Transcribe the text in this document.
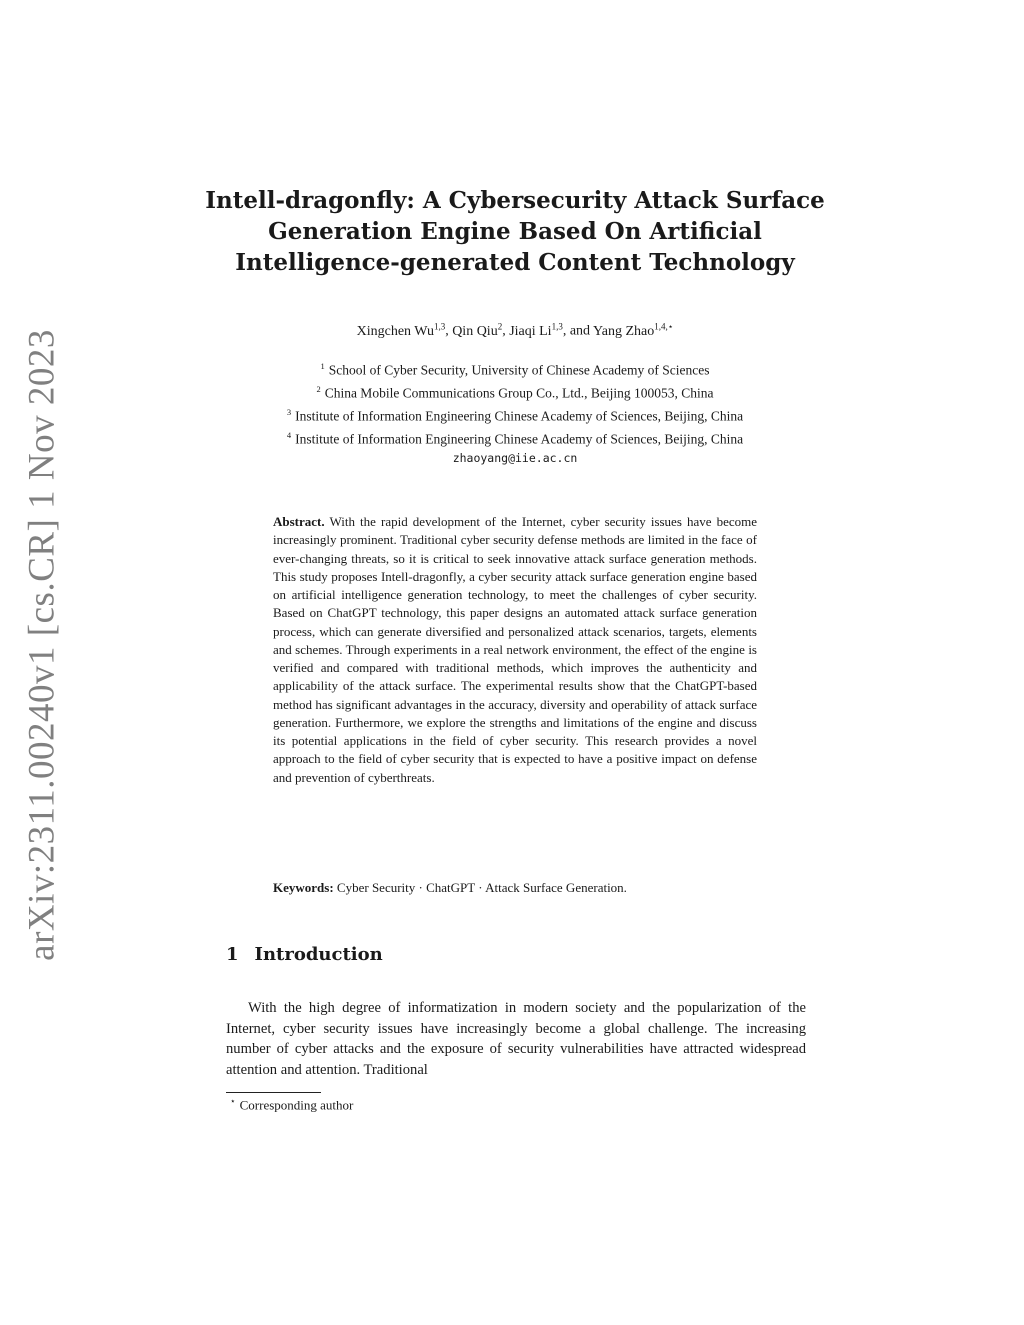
arXiv:2311.00240v1 [cs.CR] 1 Nov 2023
Intell-dragonfly: A Cybersecurity Attack Surface
Generation Engine Based On Artificial
Intelligence-generated Content Technology
Xingchen Wu$^{1,3}$, Qin Qiu$^2$, Jiaqi Li$^{1,3}$, and Yang Zhao$^{1,4,⋆}$
$^1$ School of Cyber Security, University of Chinese Academy of Sciences
$^2$ China Mobile Communications Group Co., Ltd., Beijing 100053, China
$^3$ Institute of Information Engineering Chinese Academy of Sciences, Beijing, China
$^4$ Institute of Information Engineering Chinese Academy of Sciences, Beijing, China
zhaoyang@iie.ac.cn
Abstract. With the rapid development of the Internet, cyber security issues have become increasingly prominent. Traditional cyber security defense methods are limited in the face of ever-changing threats, so it is critical to seek innovative attack surface generation methods. This study proposes Intell-dragonfly, a cyber security attack surface generation engine based on artificial intelligence generation technology, to meet the challenges of cyber security. Based on ChatGPT technology, this paper designs an automated attack surface generation process, which can generate diversified and personalized attack scenarios, targets, elements and schemes. Through experiments in a real network environment, the effect of the engine is verified and compared with traditional methods, which improves the authenticity and applicability of the attack surface. The experimental results show that the ChatGPT-based method has significant advantages in the accuracy, diversity and operability of attack surface generation. Furthermore, we explore the strengths and limitations of the engine and discuss its potential applications in the field of cyber security. This research provides a novel approach to the field of cyber security that is expected to have a positive impact on defense and prevention of cyberthreats.
Keywords: Cyber Security · ChatGPT · Attack Surface Generation.
1 Introduction

With the high degree of informatization in modern society and the popularization of the Internet, cyber security issues have increasingly become a global challenge. The increasing number of cyber attacks and the exposure of security vulnerabilities have attracted widespread attention and attention. Traditional

⋆ Corresponding author
